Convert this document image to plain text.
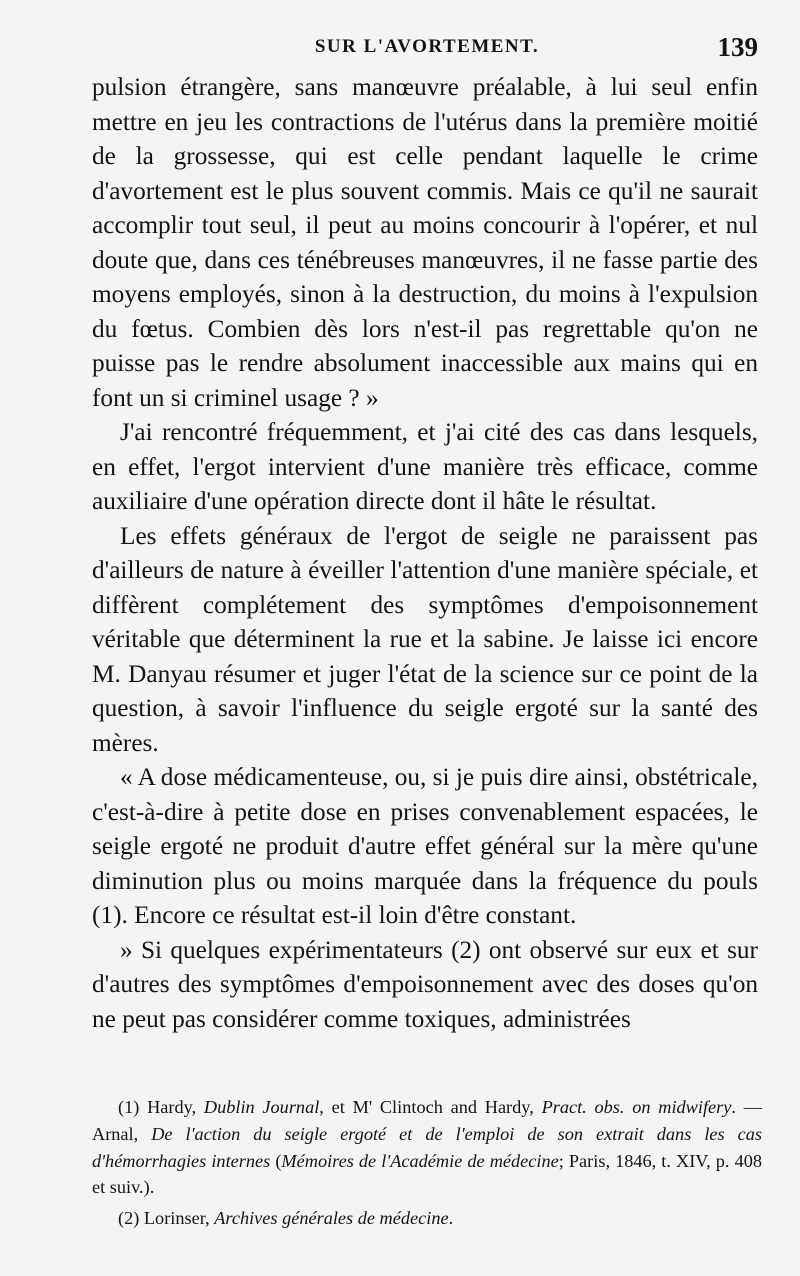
SUR L'AVORTEMENT.	139

pulsion étrangère, sans manœuvre préalable, à lui seul enfin mettre en jeu les contractions de l'utérus dans la première moitié de la grossesse, qui est celle pendant laquelle le crime d'avortement est le plus souvent commis. Mais ce qu'il ne saurait accomplir tout seul, il peut au moins concourir à l'opérer, et nul doute que, dans ces ténébreuses manœuvres, il ne fasse partie des moyens employés, sinon à la destruction, du moins à l'expulsion du fœtus. Combien dès lors n'est-il pas regrettable qu'on ne puisse pas le rendre absolument inaccessible aux mains qui en font un si criminel usage ? »

J'ai rencontré fréquemment, et j'ai cité des cas dans lesquels, en effet, l'ergot intervient d'une manière très efficace, comme auxiliaire d'une opération directe dont il hâte le résultat.

Les effets généraux de l'ergot de seigle ne paraissent pas d'ailleurs de nature à éveiller l'attention d'une manière spéciale, et diffèrent complétement des symptômes d'empoisonnement véritable que déterminent la rue et la sabine. Je laisse ici encore M. Danyau résumer et juger l'état de la science sur ce point de la question, à savoir l'influence du seigle ergoté sur la santé des mères.

« A dose médicamenteuse, ou, si je puis dire ainsi, obstétricale, c'est-à-dire à petite dose en prises convenablement espacées, le seigle ergoté ne produit d'autre effet général sur la mère qu'une diminution plus ou moins marquée dans la fréquence du pouls (1). Encore ce résultat est-il loin d'être constant.

» Si quelques expérimentateurs (2) ont observé sur eux et sur d'autres des symptômes d'empoisonnement avec des doses qu'on ne peut pas considérer comme toxiques, administrées

(1) Hardy, Dublin Journal, et M' Clintoch and Hardy, Pract. obs. on midwifery. — Arnal, De l'action du seigle ergoté et de l'emploi de son extrait dans les cas d'hémorrhagies internes (Mémoires de l'Académie de médecine; Paris, 1846, t. XIV, p. 408 et suiv.).

(2) Lorinser, Archives générales de médecine.
